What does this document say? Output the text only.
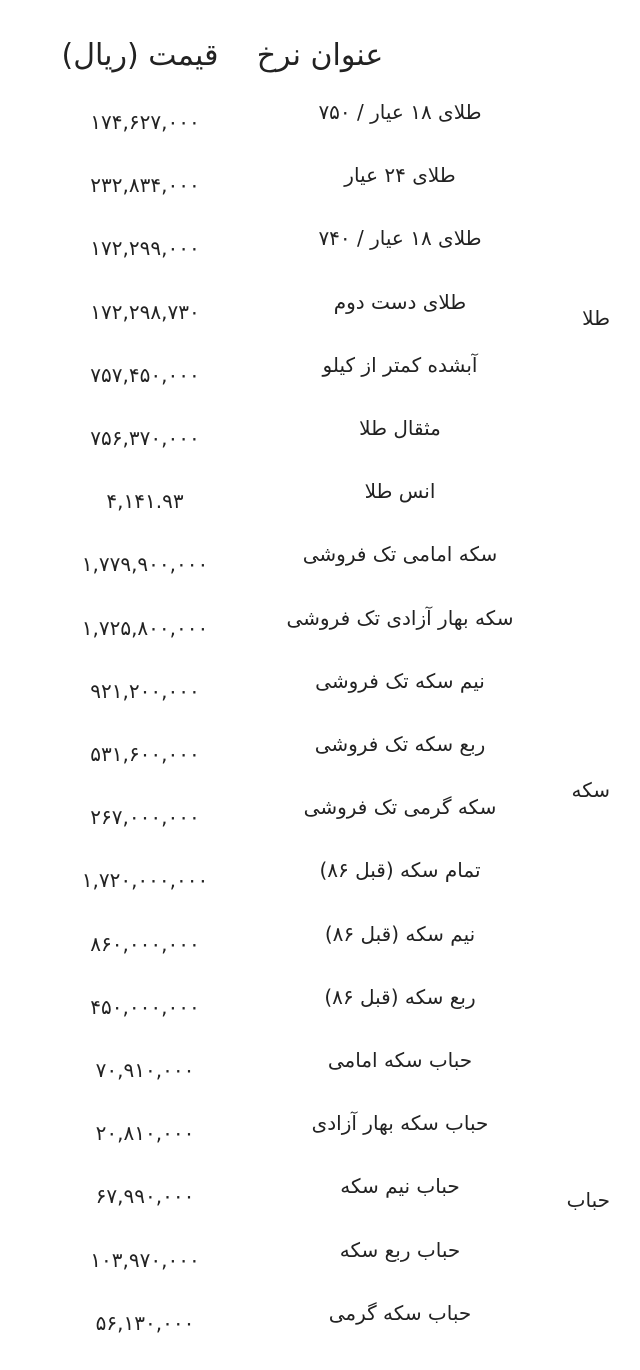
عنوان نرخ
قیمت (ریال)
طلای ۱۸ عیار / ۷۵۰
۱۷۴,۶۲۷,۰۰۰
طلای ۲۴ عیار
۲۳۲,۸۳۴,۰۰۰
طلای ۱۸ عیار / ۷۴۰
۱۷۲,۲۹۹,۰۰۰
طلای دست دوم
۱۷۲,۲۹۸,۷۳۰
آبشده کمتر از کیلو
۷۵۷,۴۵۰,۰۰۰
مثقال طلا
۷۵۶,۳۷۰,۰۰۰
انس طلا
۴,۱۴۱.۹۳
سکه امامی تک فروشی
۱,۷۷۹,۹۰۰,۰۰۰
سکه بهار آزادی تک فروشی
۱,۷۲۵,۸۰۰,۰۰۰
نیم سکه تک فروشی
۹۲۱,۲۰۰,۰۰۰
ربع سکه تک فروشی
۵۳۱,۶۰۰,۰۰۰
سکه گرمی تک فروشی
۲۶۷,۰۰۰,۰۰۰
تمام سکه (قبل ۸۶)
۱,۷۲۰,۰۰۰,۰۰۰
نیم سکه (قبل ۸۶)
۸۶۰,۰۰۰,۰۰۰
ربع سکه (قبل ۸۶)
۴۵۰,۰۰۰,۰۰۰
حباب سکه امامی
۷۰,۹۱۰,۰۰۰
حباب سکه بهار آزادی
۲۰,۸۱۰,۰۰۰
حباب نیم سکه
۶۷,۹۹۰,۰۰۰
حباب ربع سکه
۱۰۳,۹۷۰,۰۰۰
حباب سکه گرمی
۵۶,۱۳۰,۰۰۰
طلا
سکه
حباب
